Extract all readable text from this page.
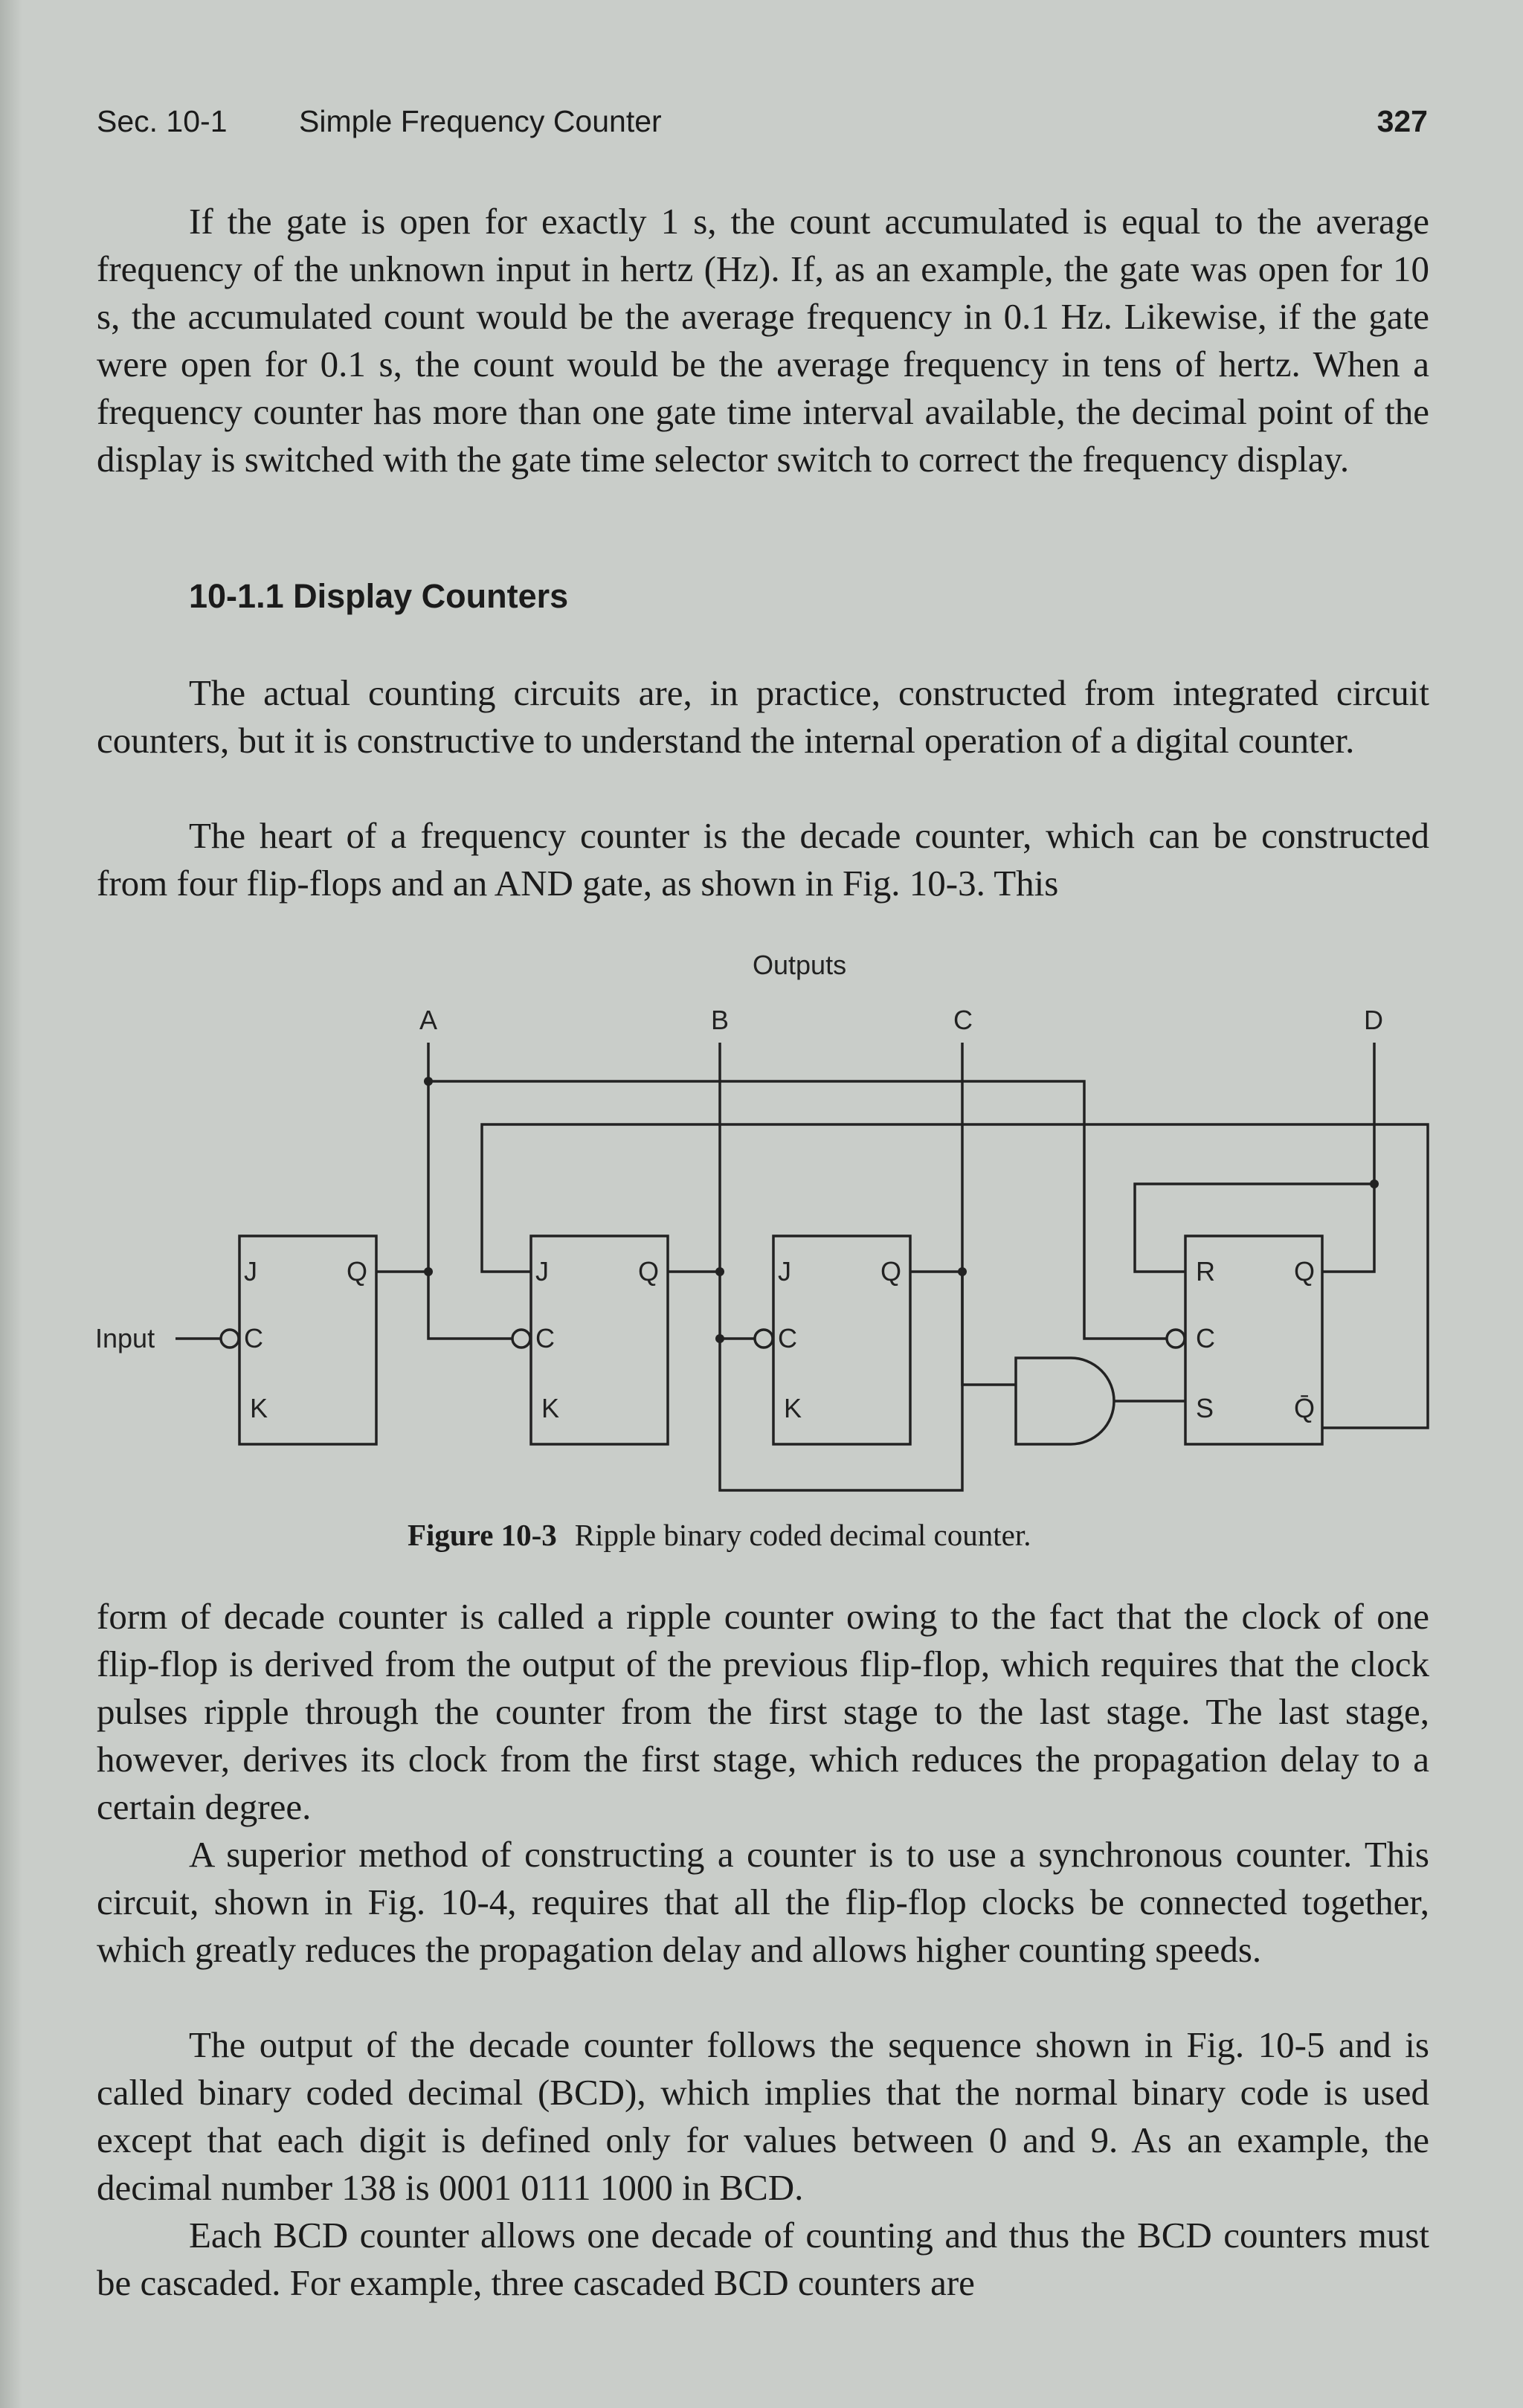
Sec. 10-1 Simple Frequency Counter	327

If the gate is open for exactly 1 s, the count accumulated is equal to the average frequency of the unknown input in hertz (Hz). If, as an example, the gate was open for 10 s, the accumulated count would be the average frequency in 0.1 Hz. Likewise, if the gate were open for 0.1 s, the count would be the average frequency in tens of hertz. When a frequency counter has more than one gate time interval available, the decimal point of the display is switched with the gate time selector switch to correct the frequency display.

10-1.1 Display Counters

The actual counting circuits are, in practice, constructed from integrated circuit counters, but it is constructive to understand the internal operation of a digital counter.

The heart of a frequency counter is the decade counter, which can be constructed from four flip-flops and an AND gate, as shown in Fig. 10-3. This

Outputs
A	B	C	D
Input
J	Q
C
K
J	Q
C
K
J	Q
C
K
R	Q
C
S	Q̄
Figure 10-3 Ripple binary coded decimal counter.

form of decade counter is called a ripple counter owing to the fact that the clock of one flip-flop is derived from the output of the previous flip-flop, which requires that the clock pulses ripple through the counter from the first stage to the last stage. The last stage, however, derives its clock from the first stage, which reduces the propagation delay to a certain degree.

A superior method of constructing a counter is to use a synchronous counter. This circuit, shown in Fig. 10-4, requires that all the flip-flop clocks be connected together, which greatly reduces the propagation delay and allows higher counting speeds.

The output of the decade counter follows the sequence shown in Fig. 10-5 and is called binary coded decimal (BCD), which implies that the normal binary code is used except that each digit is defined only for values between 0 and 9. As an example, the decimal number 138 is 0001 0111 1000 in BCD.

Each BCD counter allows one decade of counting and thus the BCD counters must be cascaded. For example, three cascaded BCD counters are
